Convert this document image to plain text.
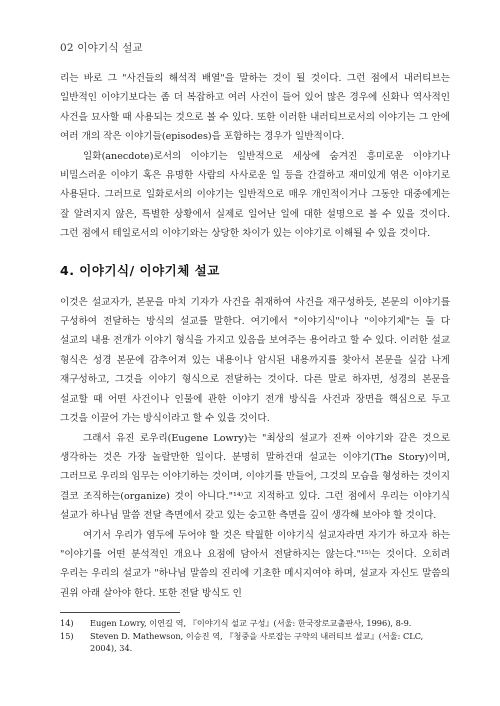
02 이야기식 설교

리는 바로 그 "사건들의 해석적 배열"을 말하는 것이 될 것이다. 그런 점에서 내러티브는 일반적인 이야기보다는 좀 더 복잡하고 여러 사건이 들어 있어 많은 경우에 신화나 역사적인 사건을 묘사할 때 사용되는 것으로 볼 수 있다. 또한 이러한 내러티브로서의 이야기는 그 안에 여러 개의 작은 이야기들(episodes)을 포함하는 경우가 일반적이다.

일화(anecdote)로서의 이야기는 일반적으로 세상에 숨겨진 흥미로운 이야기나 비밀스러운 이야기 혹은 유명한 사람의 사사로운 일 등을 간결하고 재미있게 엮은 이야기로 사용된다. 그러므로 일화로서의 이야기는 일반적으로 매우 개인적이거나 그동안 대중에게는 잘 알려지지 않은, 특별한 상황에서 실제로 일어난 일에 대한 설명으로 볼 수 있을 것이다. 그런 점에서 테일로서의 이야기와는 상당한 차이가 있는 이야기로 이해될 수 있을 것이다.

4. 이야기식/ 이야기체 설교

이것은 설교자가, 본문을 마치 기자가 사건을 취재하여 사건을 재구성하듯, 본문의 이야기를 구성하여 전달하는 방식의 설교를 말한다. 여기에서 "이야기식"이나 "이야기체"는 둘 다 설교의 내용 전개가 이야기 형식을 가지고 있음을 보여주는 용어라고 할 수 있다. 이러한 설교 형식은 성경 본문에 감추어져 있는 내용이나 암시된 내용까지를 찾아서 본문을 실감 나게 재구성하고, 그것을 이야기 형식으로 전달하는 것이다. 다른 말로 하자면, 성경의 본문을 설교할 때 어떤 사건이나 인물에 관한 이야기 전개 방식을 사건과 장면을 핵심으로 두고 그것을 이끌어 가는 방식이라고 할 수 있을 것이다.

그래서 유진 로우리(Eugene Lowry)는 "최상의 설교가 진짜 이야기와 같은 것으로 생각하는 것은 가장 놀랄만한 일이다. 분명히 말하건대 설교는 이야기(The Story)이며, 그러므로 우리의 임무는 이야기하는 것이며, 이야기를 만들어, 그것의 모습을 형성하는 것이지 결코 조직하는(organize) 것이 아니다."¹⁴⁾고 지적하고 있다. 그런 점에서 우리는 이야기식 설교가 하나님 말씀 전달 측면에서 갖고 있는 숭고한 측면을 깊이 생각해 보아야 할 것이다.

여기서 우리가 염두에 두어야 할 것은 탁월한 이야기식 설교자라면 자기가 하고자 하는 "이야기를 어떤 분석적인 개요나 요점에 담아서 전달하지는 않는다."¹⁵⁾는 것이다. 오히려 우리는 우리의 설교가 "하나님 말씀의 진리에 기초한 메시지여야 하며, 설교자 자신도 말씀의 권위 아래 살아야 한다. 또한 전달 방식도 인

14) Eugen Lowry, 이연길 역, 『이야기식 설교 구성』(서울: 한국장로교출판사, 1996), 8-9.

15) Steven D. Mathewson, 이승진 역, 『청중을 사로잡는 구약의 내러티브 설교』(서울: CLC, 2004), 34.
